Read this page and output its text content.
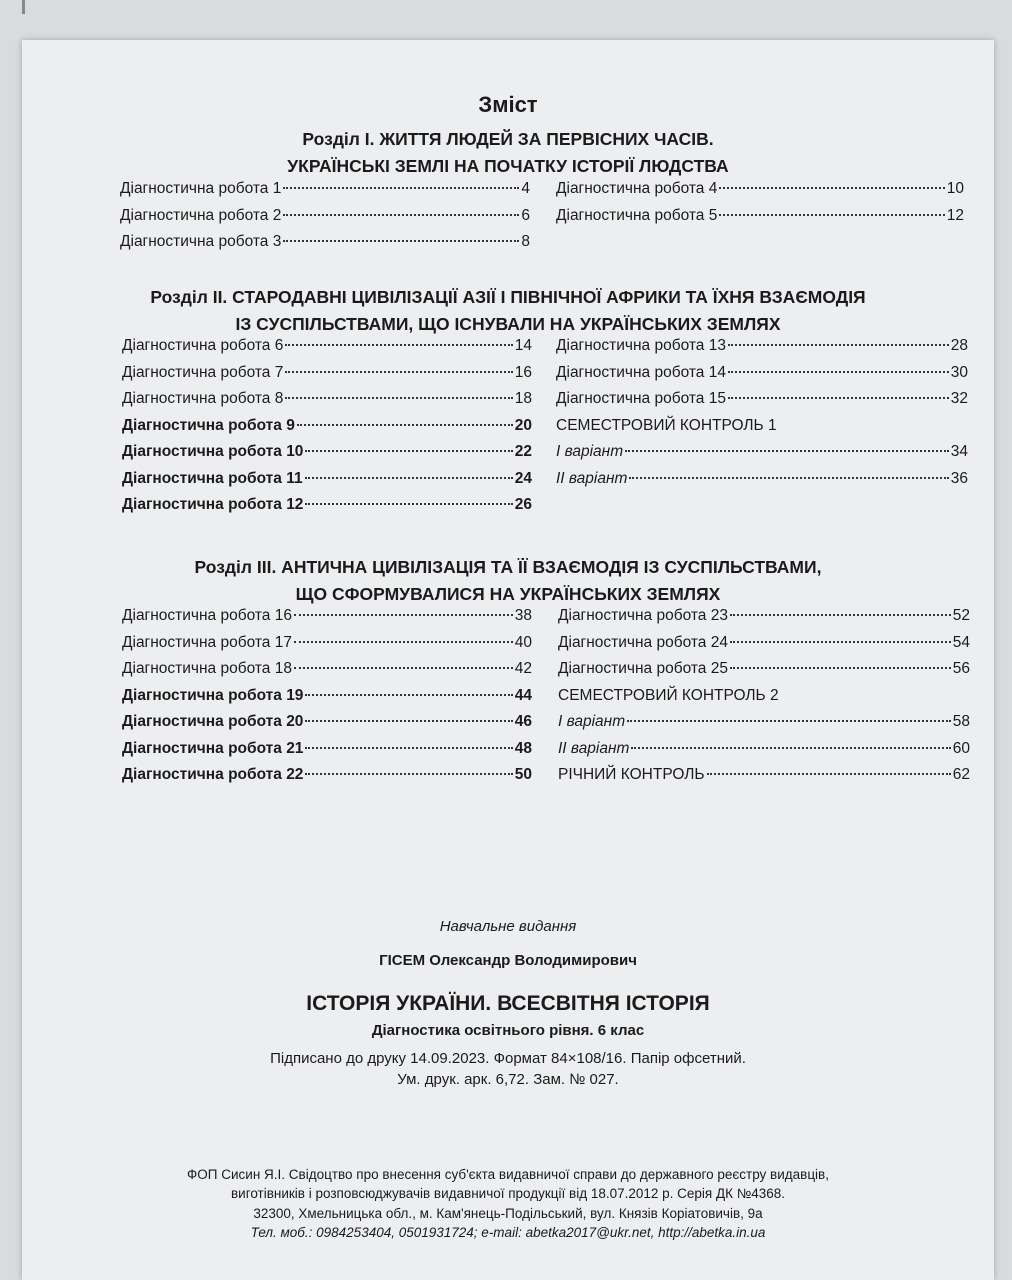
Зміст
Розділ І. ЖИТТЯ ЛЮДЕЙ ЗА ПЕРВІСНИХ ЧАСІВ.
УКРАЇНСЬКІ ЗЕМЛІ НА ПОЧАТКУ ІСТОРІЇ ЛЮДСТВА
Діагностична робота 1	4
Діагностична робота 2	6
Діагностична робота 3	8
Діагностична робота 4	10
Діагностична робота 5	12
Розділ ІІ. СТАРОДАВНІ ЦИВІЛІЗАЦІЇ АЗІЇ І ПІВНІЧНОЇ АФРИКИ ТА ЇХНЯ ВЗАЄМОДІЯ
ІЗ СУСПІЛЬСТВАМИ, ЩО ІСНУВАЛИ НА УКРАЇНСЬКИХ ЗЕМЛЯХ
Діагностична робота 6	14
Діагностична робота 7	16
Діагностична робота 8	18
Діагностична робота 9	20
Діагностична робота 10	22
Діагностична робота 11	24
Діагностична робота 12	26
Діагностична робота 13	28
Діагностична робота 14	30
Діагностична робота 15	32
СЕМЕСТРОВИЙ КОНТРОЛЬ 1
І варіант	34
ІІ варіант	36
Розділ ІІІ. АНТИЧНА ЦИВІЛІЗАЦІЯ ТА ЇЇ ВЗАЄМОДІЯ ІЗ СУСПІЛЬСТВАМИ,
ЩО СФОРМУВАЛИСЯ НА УКРАЇНСЬКИХ ЗЕМЛЯХ
Діагностична робота 16	38
Діагностична робота 17	40
Діагностична робота 18	42
Діагностична робота 19	44
Діагностична робота 20	46
Діагностична робота 21	48
Діагностична робота 22	50
Діагностична робота 23	52
Діагностична робота 24	54
Діагностична робота 25	56
СЕМЕСТРОВИЙ КОНТРОЛЬ 2
І варіант	58
ІІ варіант	60
РІЧНИЙ КОНТРОЛЬ	62
Навчальне видання
ГІСЕМ Олександр Володимирович
ІСТОРІЯ УКРАЇНИ. ВСЕСВІТНЯ ІСТОРІЯ
Діагностика освітнього рівня. 6 клас
Підписано до друку 14.09.2023. Формат 84×108/16. Папір офсетний.
Ум. друк. арк. 6,72. Зам. № 027.
ФОП Сисин Я.І. Свідоцтво про внесення суб'єкта видавничої справи до державного реєстру видавців,
виготівників і розповсюджувачів видавничої продукції від 18.07.2012 р. Серія ДК №4368.
32300, Хмельницька обл., м. Кам'янець-Подільський, вул. Князів Коріатовичів, 9а
Тел. моб.: 0984253404, 0501931724; e-mail: abetka2017@ukr.net, http://abetka.in.ua
